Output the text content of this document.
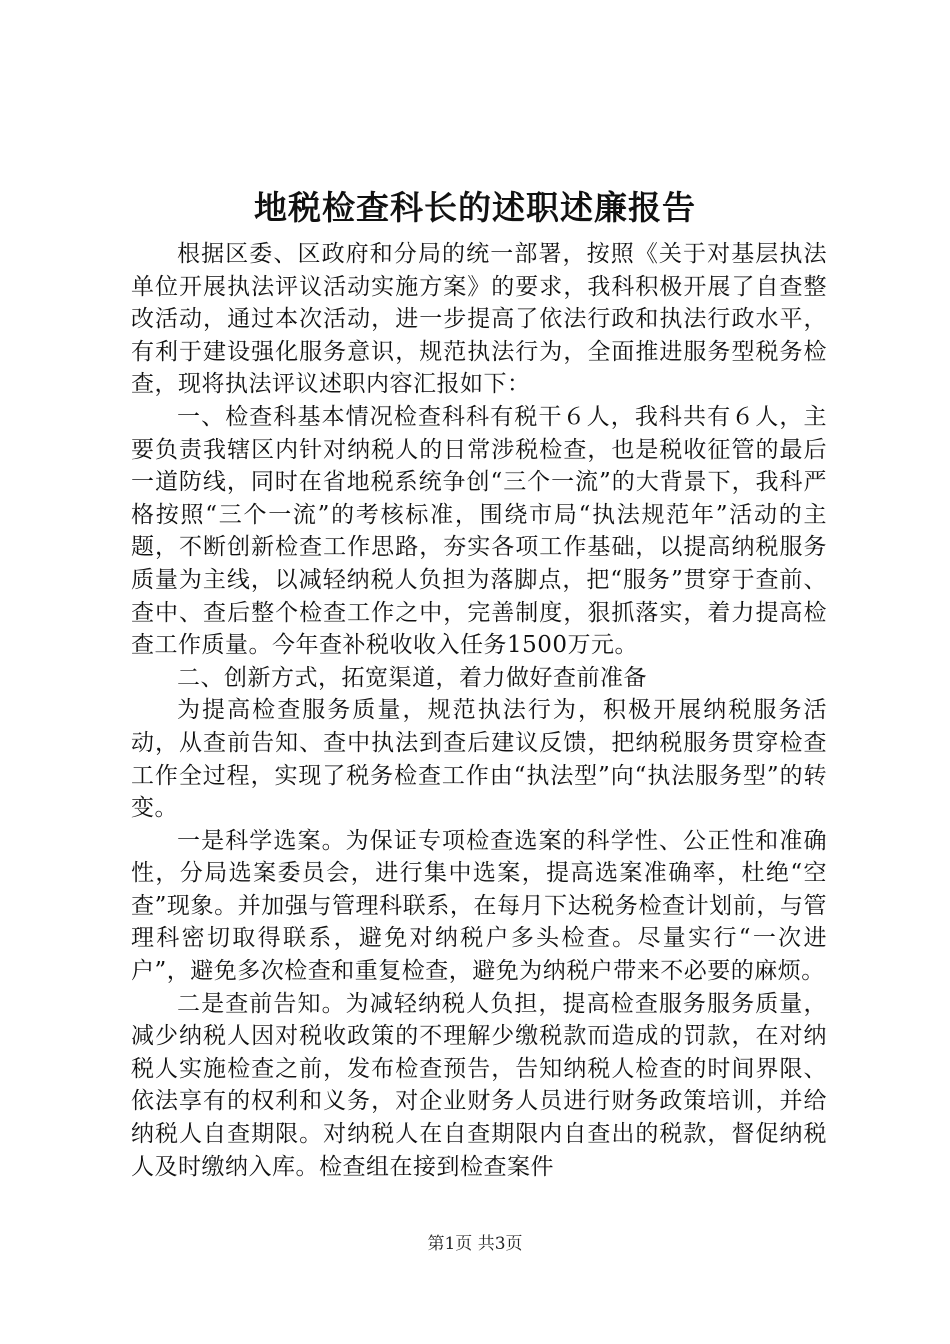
地税检查科长的述职述廉报告

根据区委、区政府和分局的统一部署，按照《关于对基层执法单位开展执法评议活动实施方案》的要求，我科积极开展了自查整改活动，通过本次活动，进一步提高了依法行政和执法行政水平，有利于建设强化服务意识，规范执法行为，全面推进服务型税务检查，现将执法评议述职内容汇报如下：

一、检查科基本情况检查科科有税干６人，我科共有６人，主要负责我辖区内针对纳税人的日常涉税检查，也是税收征管的最后一道防线，同时在省地税系统争创“三个一流”的大背景下，我科严格按照“三个一流”的考核标准，围绕市局“执法规范年”活动的主题，不断创新检查工作思路，夯实各项工作基础，以提高纳税服务质量为主线，以减轻纳税人负担为落脚点，把“服务”贯穿于查前、查中、查后整个检查工作之中，完善制度，狠抓落实，着力提高检查工作质量。今年查补税收收入任务1500万元。

二、创新方式，拓宽渠道，着力做好查前准备

为提高检查服务质量，规范执法行为，积极开展纳税服务活动，从查前告知、查中执法到查后建议反馈，把纳税服务贯穿检查工作全过程，实现了税务检查工作由“执法型”向“执法服务型”的转变。

一是科学选案。为保证专项检查选案的科学性、公正性和准确性，分局选案委员会，进行集中选案，提高选案准确率，杜绝“空查”现象。并加强与管理科联系，在每月下达税务检查计划前，与管理科密切取得联系，避免对纳税户多头检查。尽量实行“一次进户”，避免多次检查和重复检查，避免为纳税户带来不必要的麻烦。

二是查前告知。为减轻纳税人负担，提高检查服务服务质量，减少纳税人因对税收政策的不理解少缴税款而造成的罚款，在对纳税人实施检查之前，发布检查预告，告知纳税人检查的时间界限、依法享有的权利和义务，对企业财务人员进行财务政策培训，并给纳税人自查期限。对纳税人在自查期限内自查出的税款，督促纳税人及时缴纳入库。检查组在接到检查案件

第1页 共3页
